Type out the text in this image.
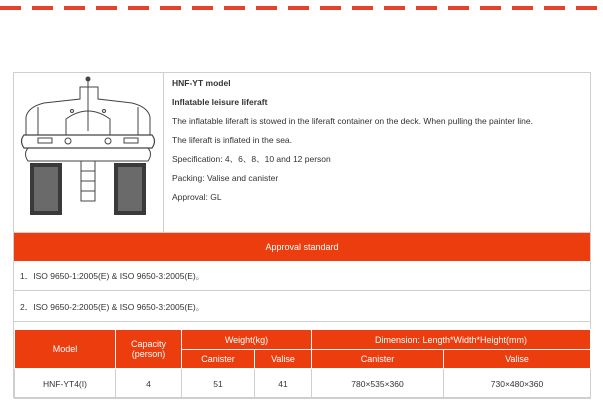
HNF-YT model

Inflatable leisure liferaft

The inflatable liferaft is stowed in the liferaft container on the deck. When pulling the painter line.

The liferaft is inflated in the sea.

Specification: 4、6、8、10 and 12 person

Packing: Valise and canister

Approval: GL

Approval standard
1．ISO 9650-1:2005(E) & ISO 9650-3:2005(E)。
2．ISO 9650-2:2005(E) & ISO 9650-3:2005(E)。
Model	Capacity (person)	Weight(kg)		Dimension: Length*Width*Height(mm)	
		Canister	Valise	Canister	Valise
HNF-YT4(I)	4	51	41	780×535×360	730×480×360
